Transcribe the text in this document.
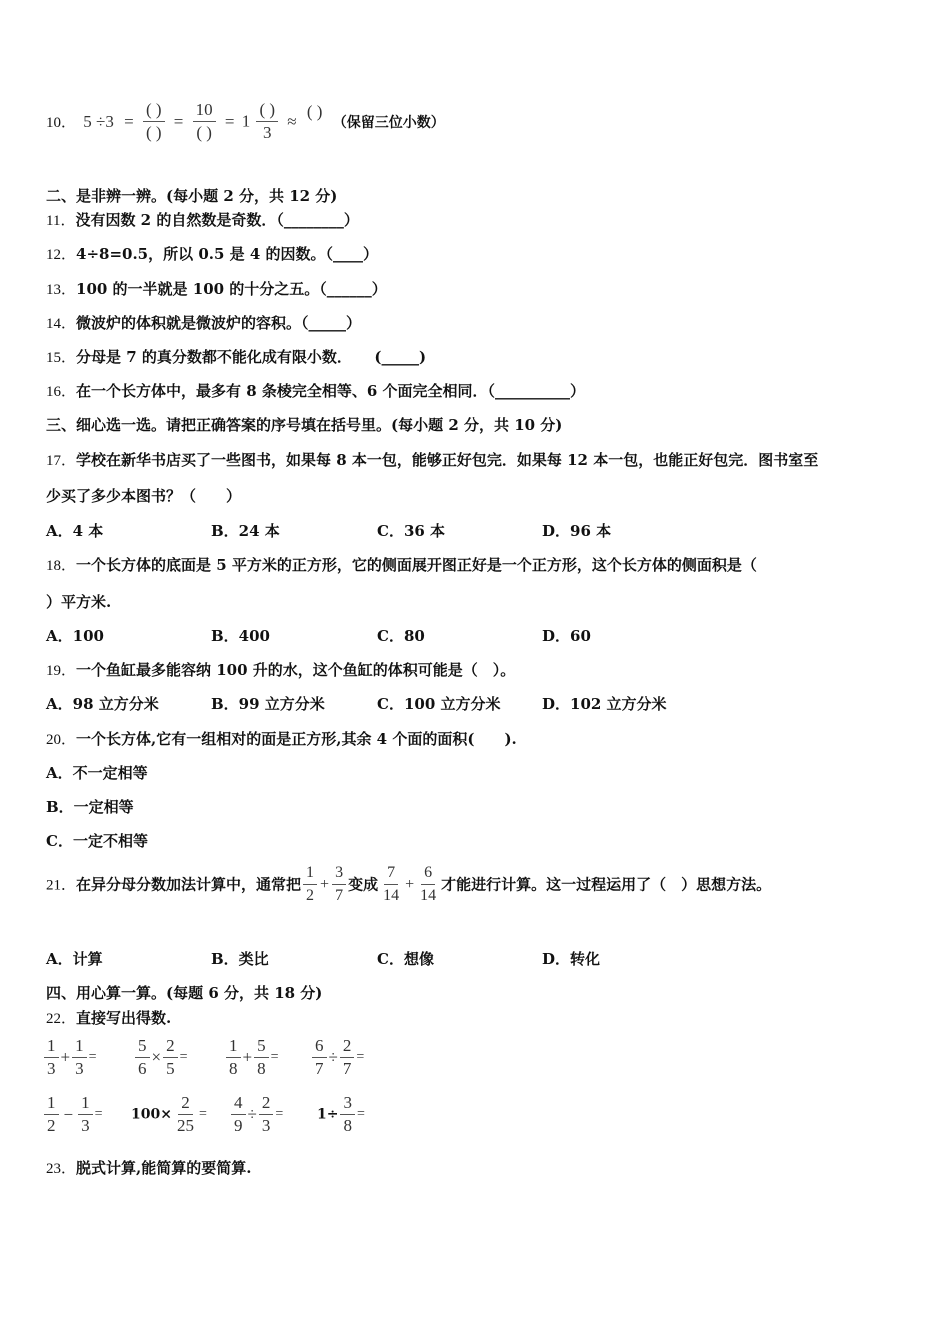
10． $5 \div 3 = \frac{( )}{( )} = \frac{10}{( )} = 1 \frac{( )}{3}$ ≈ ( ) （保留三位小数）
二、是非辨一辨。(每小题 2 分，共 12 分)
11．没有因数 2 的自然数是奇数．（________）
12．4÷8=0.5，所以 0.5 是 4 的因数。（____）
13．100 的一半就是 100 的十分之五。（______）
14．微波炉的体积就是微波炉的容积。（_____）
15．分母是 7 的真分数都不能化成有限小数．　　(_____)
16．在一个长方体中，最多有 8 条棱完全相等、6 个面完全相同．（__________）
三、细心选一选。请把正确答案的序号填在括号里。(每小题 2 分，共 10 分)
17．学校在新华书店买了一些图书，如果每 8 本一包，能够正好包完．如果每 12 本一包，也能正好包完．图书室至
少买了多少本图书？（　　）
A．4 本	B．24 本	C．36 本	D．96 本
18．一个长方体的底面是 5 平方米的正方形，它的侧面展开图正好是一个正方形，这个长方体的侧面积是（
）平方米.
A．100	B．400	C．80	D．60
19．一个鱼缸最多能容纳 100 升的水，这个鱼缸的体积可能是（　）。
A．98 立方分米	B．99 立方分米	C．100 立方分米	D．102 立方分米
20．一个长方体,它有一组相对的面是正方形,其余 4 个面的面积(　　).
A．不一定相等
B．一定相等
C．一定不相等
21．在异分母分数加法计算中，通常把 $\frac{1}{2} + \frac{3}{7}$ 变成 $\frac{7}{14} + \frac{6}{14}$ 才能进行计算。这一过程运用了（　）思想方法。
A．计算	B．类比	C．想像	D．转化
四、用心算一算。(每题 6 分，共 18 分)
22．直接写出得数.
$\frac{1}{3} + \frac{1}{3} = \frac{5}{6} \times \frac{2}{5} = \frac{1}{8} + \frac{5}{8} = \frac{6}{7} \div \frac{2}{7}$ =
$\frac{1}{2} - \frac{1}{3} = 100\times \frac{2}{25} = \frac{4}{9} \div \frac{2}{3} = 1\div \frac{3}{8}$ =
23．脱式计算,能简算的要简算.
